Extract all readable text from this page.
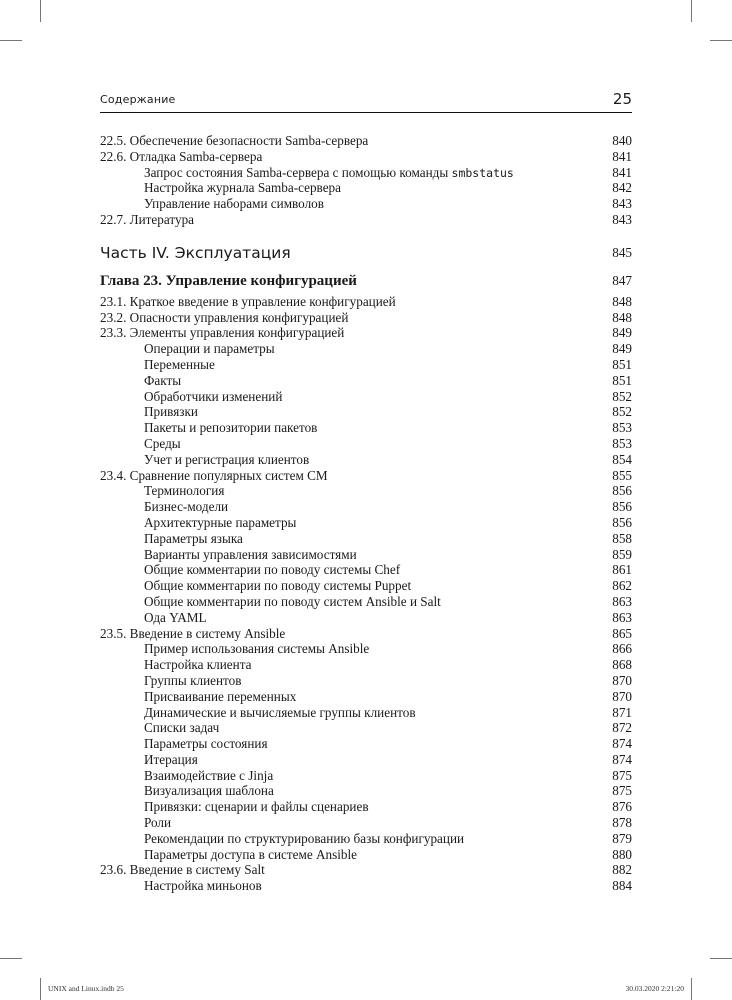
Содержание	25
22.5. Обеспечение безопасности Samba-сервера	840
22.6. Отладка Samba-сервера	841
Запрос состояния Samba-сервера с помощью команды smbstatus	841
Настройка журнала Samba-сервера	842
Управление наборами символов	843
22.7. Литература	843
Часть IV. Эксплуатация	845
Глава 23. Управление конфигурацией	847
23.1. Краткое введение в управление конфигурацией	848
23.2. Опасности управления конфигурацией	848
23.3. Элементы управления конфигурацией	849
Операции и параметры	849
Переменные	851
Факты	851
Обработчики изменений	852
Привязки	852
Пакеты и репозитории пакетов	853
Среды	853
Учет и регистрация клиентов	854
23.4. Сравнение популярных систем CM	855
Терминология	856
Бизнес-модели	856
Архитектурные параметры	856
Параметры языка	858
Варианты управления зависимостями	859
Общие комментарии по поводу системы Chef	861
Общие комментарии по поводу системы Puppet	862
Общие комментарии по поводу систем Ansible и Salt	863
Ода YAML	863
23.5. Введение в систему Ansible	865
Пример использования системы Ansible	866
Настройка клиента	868
Группы клиентов	870
Присваивание переменных	870
Динамические и вычисляемые группы клиентов	871
Списки задач	872
Параметры состояния	874
Итерация	874
Взаимодействие с Jinja	875
Визуализация шаблона	875
Привязки: сценарии и файлы сценариев	876
Роли	878
Рекомендации по структурированию базы конфигурации	879
Параметры доступа в системе Ansible	880
23.6. Введение в систему Salt	882
Настройка миньонов	884
UNIX and Linux.indb 25	30.03.2020 2:21:20
